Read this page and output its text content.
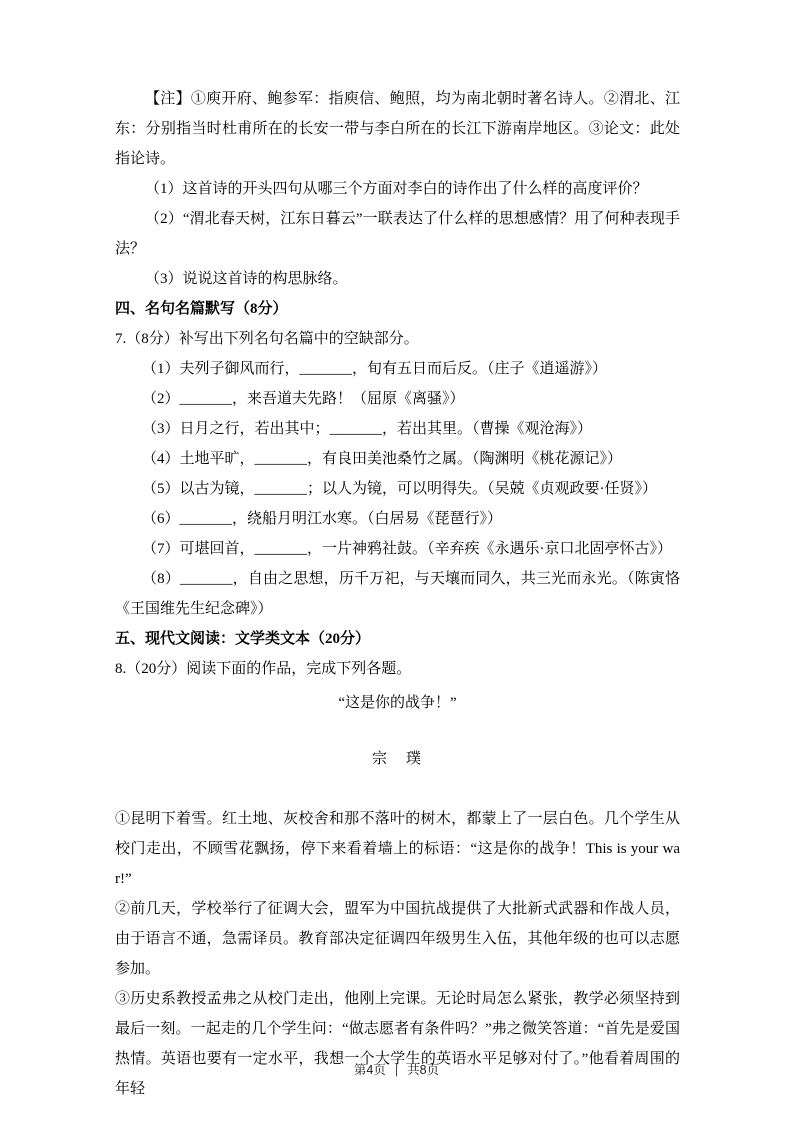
【注】①庾开府、鲍参军：指庾信、鲍照，均为南北朝时著名诗人。②渭北、江东：分别指当时杜甫所在的长安一带与李白所在的长江下游南岸地区。③论文：此处指论诗。

（1）这首诗的开头四句从哪三个方面对李白的诗作出了什么样的高度评价？

（2）“渭北春天树，江东日暮云”一联表达了什么样的思想感情？用了何种表现手法？

（3）说说这首诗的构思脉络。

四、名句名篇默写（8分）

7.（8分）补写出下列名句名篇中的空缺部分。

（1）夫列子御风而行，_______，旬有五日而后反。（庄子《逍遥游》）

（2）_______，来吾道夫先路！（屈原《离骚》）

（3）日月之行，若出其中；_______，若出其里。（曹操《观沧海》）

（4）土地平旷，_______，有良田美池桑竹之属。（陶渊明《桃花源记》）

（5）以古为镜，_______；以人为镜，可以明得失。（吴兢《贞观政要·任贤》）

（6）_______，绕船月明江水寒。（白居易《琵琶行》）

（7）可堪回首，_______，一片神鸦社鼓。（辛弃疾《永遇乐·京口北固亭怀古》）

（8）_______，自由之思想，历千万祀，与天壤而同久，共三光而永光。（陈寅恪《王国维先生纪念碑》）

五、现代文阅读：文学类文本（20分）

8.（20分）阅读下面的作品，完成下列各题。

“这是你的战争！”

宗　璞

①昆明下着雪。红土地、灰校舍和那不落叶的树木，都蒙上了一层白色。几个学生从校门走出，不顾雪花飘扬，停下来看着墙上的标语：“这是你的战争！This is your war!”

②前几天，学校举行了征调大会，盟军为中国抗战提供了大批新式武器和作战人员，由于语言不通，急需译员。教育部决定征调四年级男生入伍，其他年级的也可以志愿参加。

③历史系教授孟弗之从校门走出，他刚上完课。无论时局怎么紧张，教学必须坚持到最后一刻。一起走的几个学生问：“做志愿者有条件吗？”弗之微笑答道：“首先是爱国热情。英语也要有一定水平，我想一个大学生的英语水平足够对付了。”他看着周围的年轻

第4页 | 共8页
